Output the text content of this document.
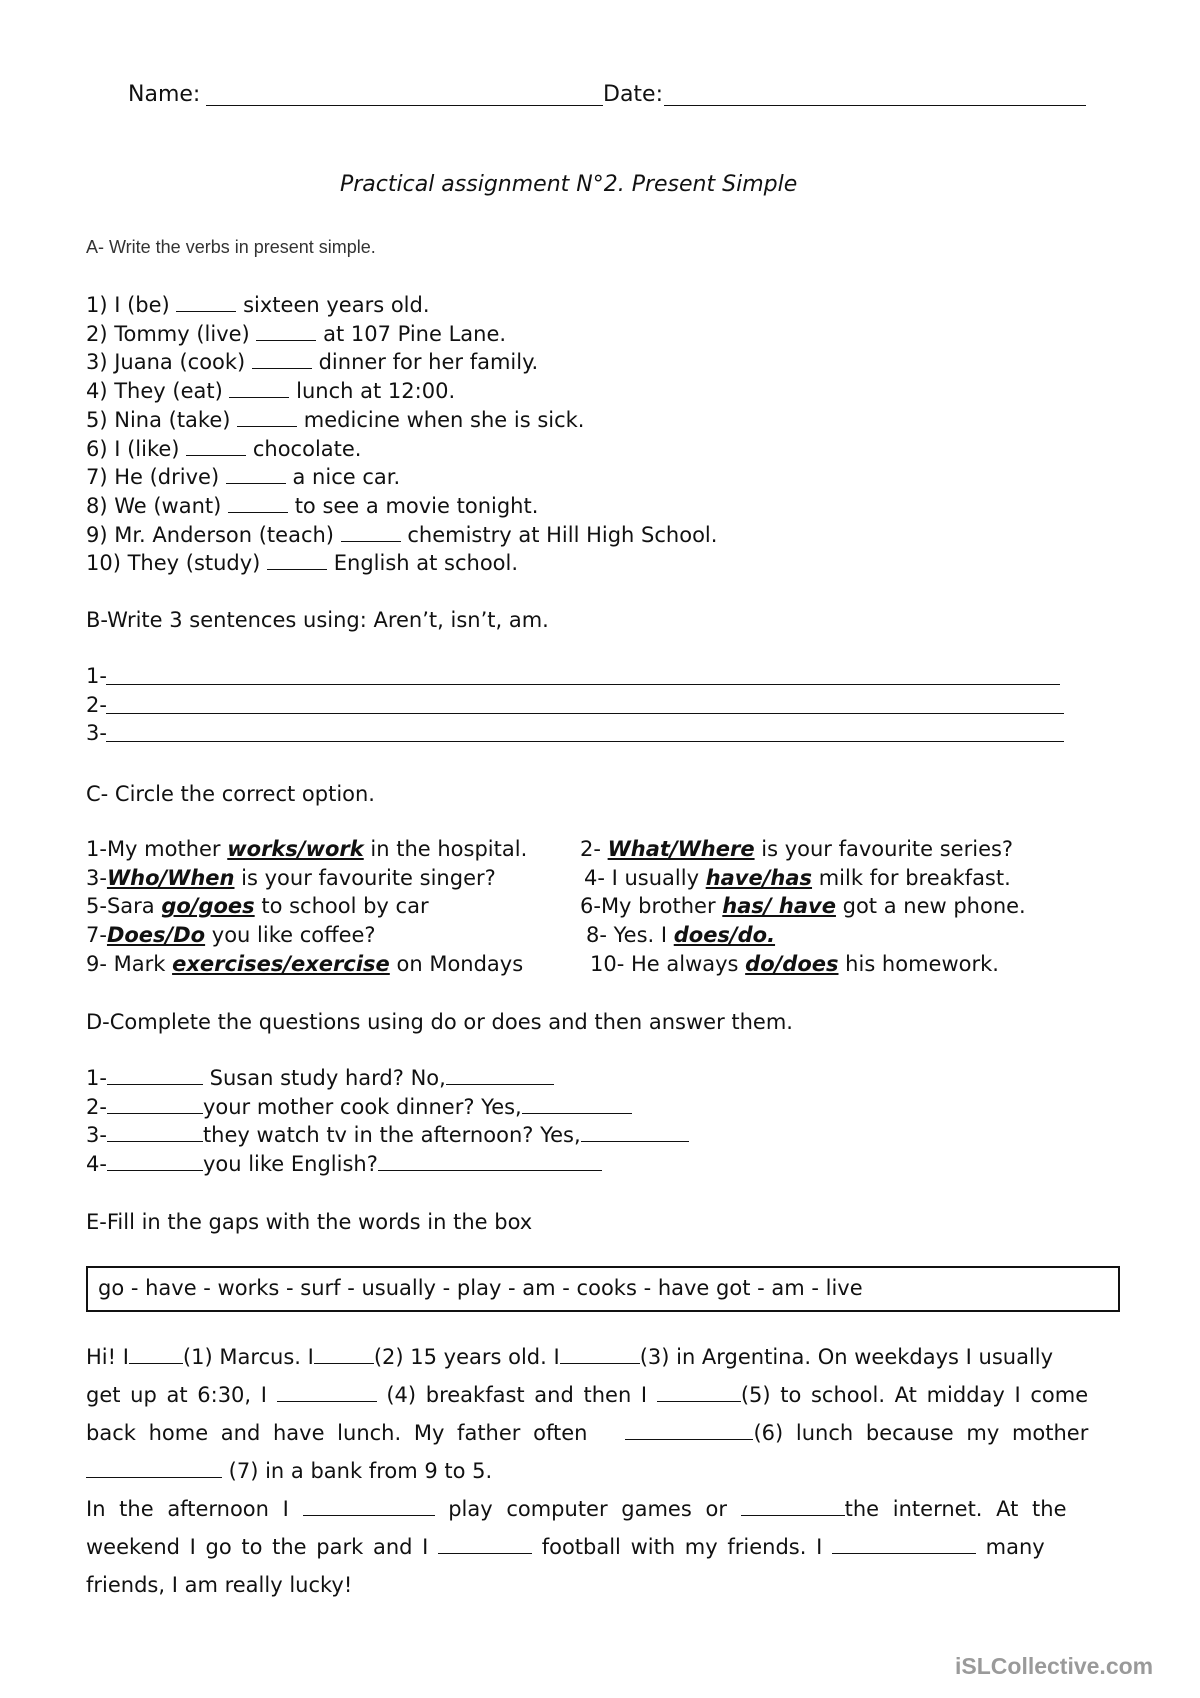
Name:	Date:
Practical assignment N°2. Present Simple
A- Write the verbs in present simple.
1) I (be)	sixteen years old.
2) Tommy (live)	at 107 Pine Lane.
3) Juana (cook)	dinner for her family.
4) They (eat)	lunch at 12:00.
5) Nina (take)	medicine when she is sick.
6) I (like)	chocolate.
7) He (drive)	a nice car.
8) We (want)	to see a movie tonight.
9) Mr. Anderson (teach)	chemistry at Hill High School.
10) They (study)	English at school.
B-Write 3 sentences using: Aren’t, isn’t, am.
1-
2-
3-
C- Circle the correct option.
1-My mother works/work in the hospital.	2- What/Where is your favourite series?
3-Who/When is your favourite singer?	4- I usually have/has milk for breakfast.
5-Sara go/goes to school by car	6-My brother has/ have got a new phone.
7-Does/Do you like coffee?	8- Yes. I does/do.
9- Mark exercises/exercise on Mondays	10- He always do/does his homework.
D-Complete the questions using do or does and then answer them.
1-	Susan study hard? No,
2-	your mother cook dinner? Yes,
3-	they watch tv in the afternoon? Yes,
4-	you like English?
E-Fill in the gaps with the words in the box
go - have - works - surf - usually - play - am - cooks - have got - am - live
Hi! I	(1) Marcus. I	(2) 15 years old. I	(3) in Argentina. On weekdays I usually
get up at 6:30, I	(4) breakfast and then I	(5) to school. At midday I come
back home and have lunch. My father often	(6) lunch because my mother
(7) in a bank from 9 to 5.
In the afternoon I	play computer games or	the internet. At the
weekend I go to the park and I	football with my friends. I	many
friends, I am really lucky!
iSLCollective.com
